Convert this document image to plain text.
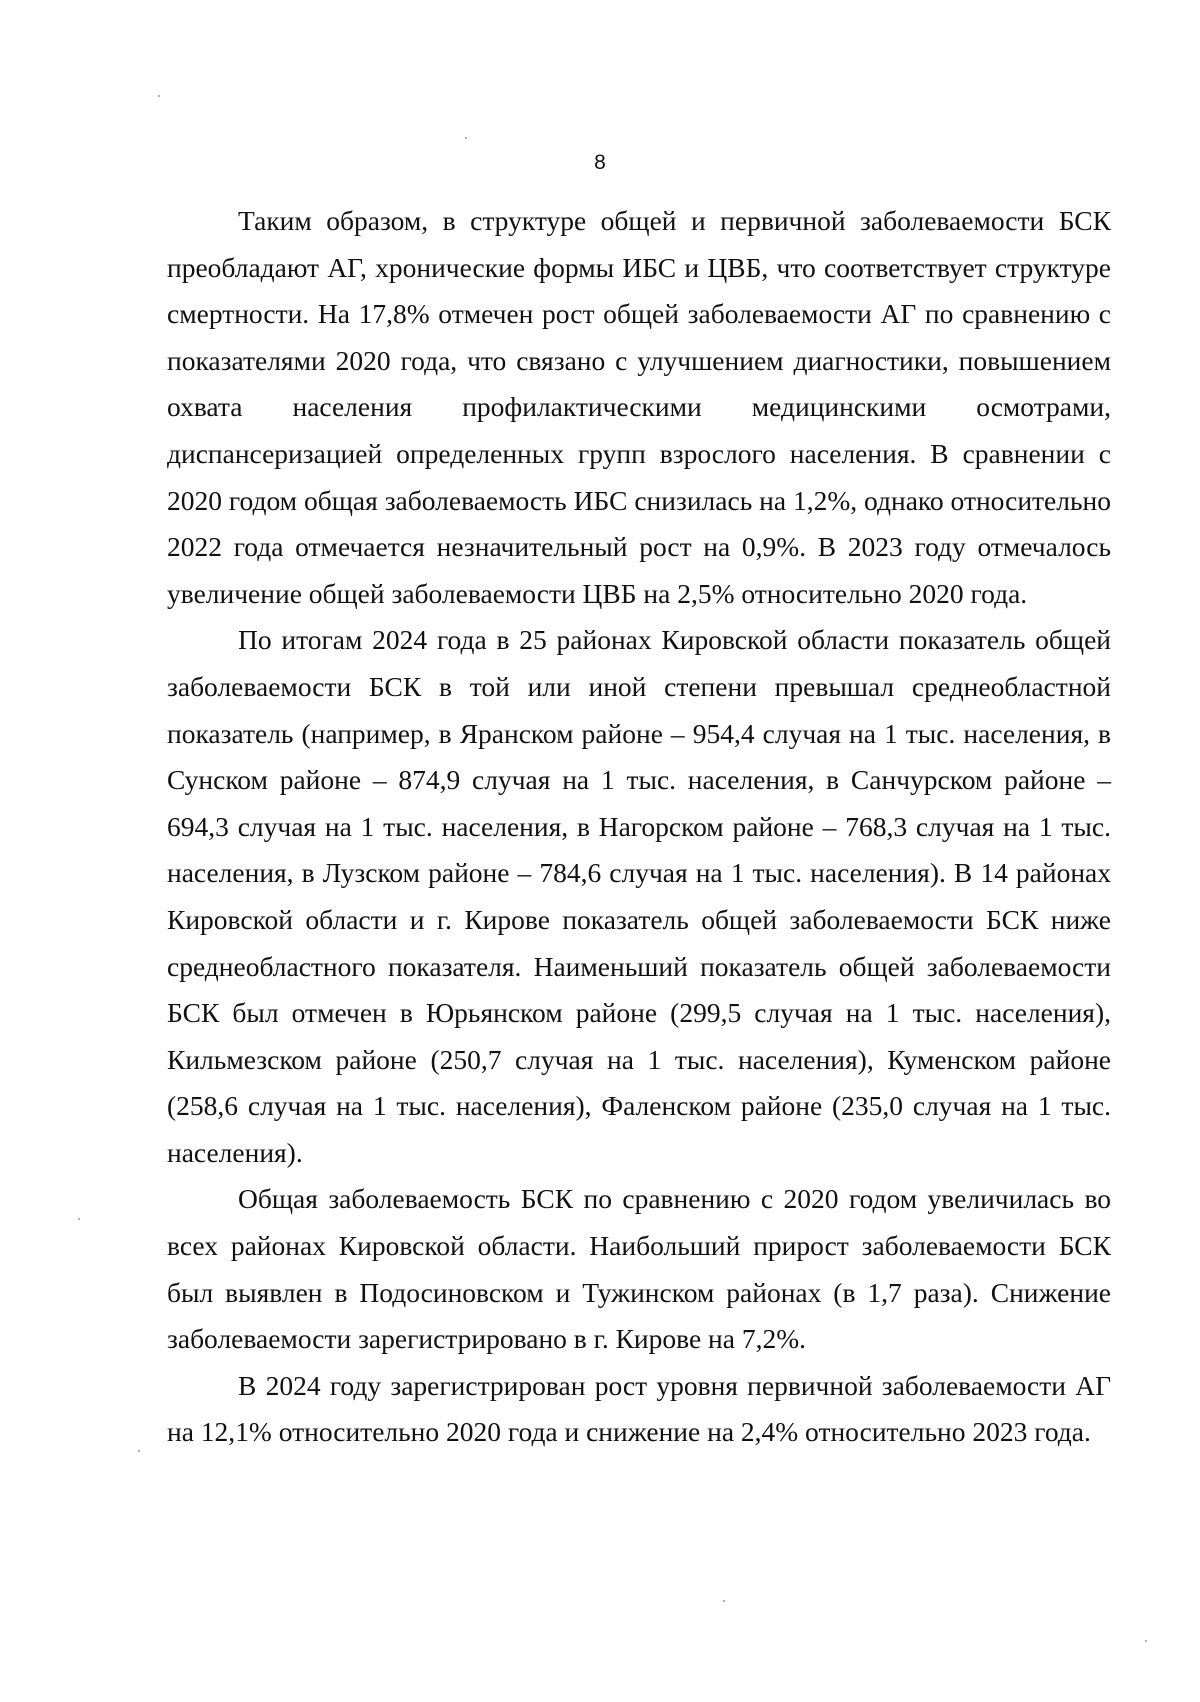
8

Таким образом, в структуре общей и первичной заболеваемости БСК преобладают АГ, хронические формы ИБС и ЦВБ, что соответствует структуре смертности. На 17,8% отмечен рост общей заболеваемости АГ по сравнению с показателями 2020 года, что связано с улучшением диагностики, повышением охвата населения профилактическими медицинскими осмотрами, диспансеризацией определенных групп взрослого населения. В сравнении с 2020 годом общая заболеваемость ИБС снизилась на 1,2%, однако относительно 2022 года отмечается незначительный рост на 0,9%. В 2023 году отмечалось увеличение общей заболеваемости ЦВБ на 2,5% относительно 2020 года.

По итогам 2024 года в 25 районах Кировской области показатель общей заболеваемости БСК в той или иной степени превышал среднеобластной показатель (например, в Яранском районе – 954,4 случая на 1 тыс. населения, в Сунском районе – 874,9 случая на 1 тыс. населения, в Санчурском районе – 694,3 случая на 1 тыс. населения, в Нагорском районе – 768,3 случая на 1 тыс. населения, в Лузском районе – 784,6 случая на 1 тыс. населения). В 14 районах Кировской области и г. Кирове показатель общей заболеваемости БСК ниже среднеобластного показателя. Наименьший показатель общей заболеваемости БСК был отмечен в Юрьянском районе (299,5 случая на 1 тыс. населения), Кильмезском районе (250,7 случая на 1 тыс. населения), Куменском районе (258,6 случая на 1 тыс. населения), Фаленском районе (235,0 случая на 1 тыс. населения).

Общая заболеваемость БСК по сравнению с 2020 годом увеличилась во всех районах Кировской области. Наибольший прирост заболеваемости БСК был выявлен в Подосиновском и Тужинском районах (в 1,7 раза). Снижение заболеваемости зарегистрировано в г. Кирове на 7,2%.

В 2024 году зарегистрирован рост уровня первичной заболеваемости АГ на 12,1% относительно 2020 года и снижение на 2,4% относительно 2023 года.
